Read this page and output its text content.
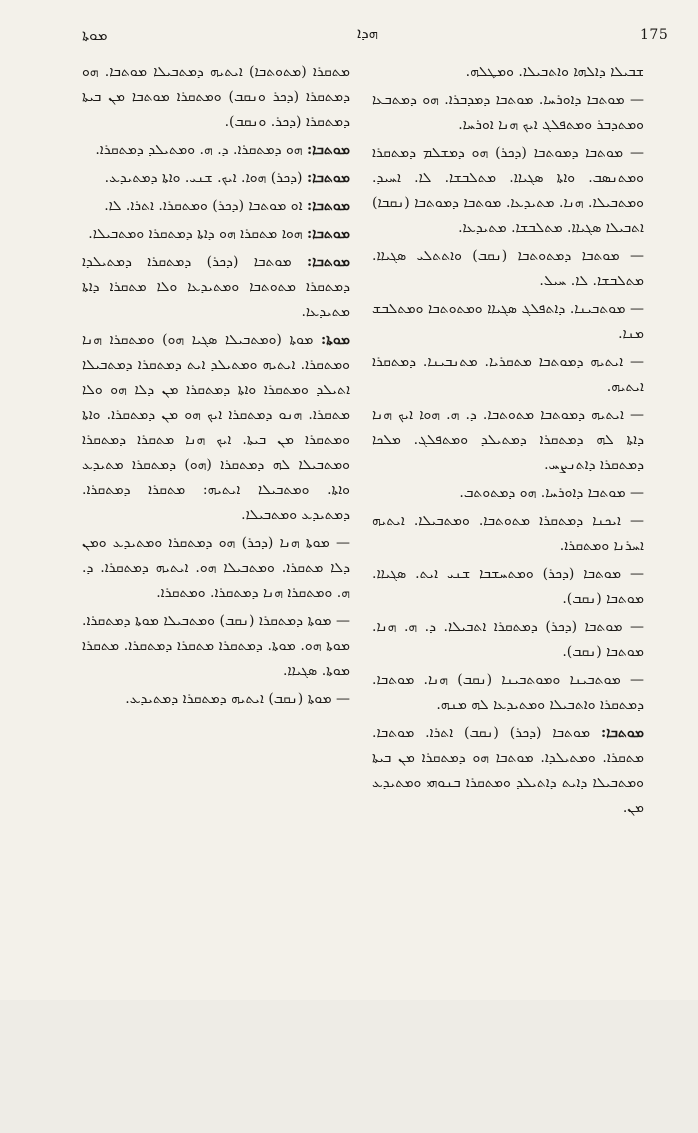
ܡܘܬܐ	ܗܕܐ	175

ܡܬܩܪܐ (ܡܬܘܬܒܐ) ܐܝܬܝܗ ܕܡܬܒܝܠܐ ܡܘܬܒܐ. ܗܘ ܕܡܬܩܪܐ (ܕܟܪ ܘܢܩܒ) ܘܡܬܩܪܐ ܡܘܬܒܐ ܡܢ ܒܝܬܐ ܕܡܬܩܪܐ (ܕܟܪ. ܘܢܩܒ).

ܡܘܬܒܐ: ܗܘ ܕܡܬܩܪܐ. ܕ. ܗ. ܘܡܬܝܠܕ ܕܡܬܩܪܐ.

ܡܘܬܒܐ: (ܕܟܪ) ܗܘܐ. ܐܝܟ. ܫܢܝ. ܘܐܬܐ ܕܡܬܝܕܥ.

ܡܘܬܒܐ: ܐܘ ܡܘܬܒܐ (ܕܟܪ) ܘܡܬܩܪܐ. ܐܬܪܐ. ܠܐ.

ܡܘܬܒܐ: ܗܘܐ ܡܬܩܪܐ ܗܘ ܕܐܬܐ ܕܡܬܩܪܐ ܘܡܬܒܝܠܐ.

ܡܘܬܒܐ: ܡܘܬܒܐ (ܕܟܪ) ܕܡܬܩܪܐ ܕܡܬܝܠܕܐ ܕܡܬܩܪܐ ܡܬܘܬܒܐ ܘܡܬܝܕܥܐ ܘܠܐ ܡܬܩܪܐ ܕܐܬܐ ܡܬܝܕܥܐ.

ܡܘܬܐ: ܡܘܬܐ (ܘܡܬܒܝܠܐ ܣܓܝܐ ܗܘ) ܘܡܬܩܪܐ ܗܢܐ ܘܡܬܩܪܐ. ܐܝܬܝܗ ܘܡܬܝܠܕ ܐܝܬ ܕܡܬܩܪܐ ܕܡܬܒܝܠܐ ܐܬܝܠܕ ܘܡܬܩܪܐ ܘܐܬܐ ܕܡܬܩܪܐ ܡܢ ܕܠܐ ܗܘ ܘܠܐ ܡܬܩܪܐ. ܗܢܘ ܕܡܬܩܪܐ ܐܝܟ ܗܘ ܡܢ ܕܡܬܩܪܐ. ܘܐܬܐ ܘܡܬܩܪܐ ܡܢ ܒܝܬܐ. ܐܝܟ ܗܢܐ ܡܬܩܪܐ ܕܡܬܩܪܐ ܘܡܬܒܝܠܐ ܠܗ ܕܡܬܩܪܐ (ܗܘ) ܕܡܬܩܪܐ ܡܬܝܕܥ ܘܐܬܐ. ܘܡܬܒܝܠܐ ܐܝܬܝܗ: ܡܬܩܪܐ ܕܡܬܩܪܐ. ܕܡܬܝܕܥ ܘܡܬܒܝܠܐ.

— ܡܘܬܐ ܗܢܐ (ܕܟܪ) ܗܘ ܕܡܬܩܪܐ ܘܡܬܝܕܥ ܘܡܢ ܕܠܐ ܡܬܩܪܐ. ܘܡܬܒܝܠܐ ܗܘ. ܐܝܬܝܗ ܕܡܬܩܪܐ. ܕ. ܗ. ܘܡܬܩܪܐ ܗܢܐ ܕܡܬܩܪܐ. ܘܡܬܩܪܐ.

— ܡܘܬܐ ܕܡܬܩܪܐ (ܢܩܒ) ܘܡܬܒܝܠܐ ܡܘܬܐ ܕܡܬܩܪܐ. ܡܘܬܐ ܗܘ. ܡܘܬܐ. ܕܡܬܩܪܐ ܡܬܩܪܐ ܕܡܬܩܪܐ. ܡܬܩܪܐ ܡܘܬܐ. ܣܓܝܐܐ.

— ܡܘܬܐ (ܢܩܒ) ܐܝܬܝܗ ܕܡܬܩܪܐ ܕܡܬܝܕܥ.

ܫܒܝܠܐ ܕܐܠܗܐ ܘܐܬܒܝܠܐ. ܘܡܛܠܗ.

— ܡܘܬܒܐ ܕܐܘܪܚܐ. ܡܘܬܒܐ ܕܡܕܒܪܐ. ܗܘ ܕܡܬܒܥܐ ܘܡܬܕܒܪ ܘܡܬܦܠܓ ܐܝܟ ܗܢܐ ܐܘܪܚܐ.

— ܡܘܬܒܐ ܕܡܘܬܒܐ (ܕܟܪ) ܗܘ ܕܡܫܠܡ ܕܡܬܩܪܐ ܘܡܬܢܣܒ. ܘܐܬܐ ܣܓܝܐܐ. ܡܬܠܒܫܐ. ܠܐ. ܐܚܝܕ. ܘܡܬܒܝܠܐ. ܗܢܐ. ܡܬܝܕܥܐ. ܡܘܬܒܐ ܕܡܘܬܒܐ (ܢܩܒܐ) ܐܬܒܝܠܐ ܣܓܝܐܐ. ܡܬܠܒܫܐ. ܡܬܝܕܥܐ.

— ܡܘܬܒܐ ܕܡܬܘܬܒܐ (ܢܩܒ) ܘܐܬܬܠܝ ܣܓܝܐܐ. ܡܬܠܒܫܐ. ܠܐ. ܚܝܠ.

— ܡܘܬܒܝܢܐ. ܕܐܬܦܠܓ ܣܓܝܐܐ ܘܡܬܘܬܒܐ ܘܡܬܠܒܫ ܡܢܐ.

— ܐܝܬܝܗ ܕܡܘܬܒܐ ܡܬܩܪܝܐ. ܡܬܢܒܝܢܐ. ܕܡܬܩܪܐ ܐܝܬܝܗ.

— ܐܝܬܝܗ ܕܡܘܬܒܐ ܡܬܘܬܒܐ. ܕ. ܗ. ܗܘܐ ܐܝܟ ܗܢܐ ܕܐܬܐ ܠܗ ܕܡܬܩܪܐ ܕܡܬܝܠܕ ܘܡܬܦܠܓ. ܡܠܟܐ ܕܡܬܩܪܐ ܕܐܬܢܨܚ.

— ܡܘܬܒܐ ܕܐܘܪܚܐ. ܗܘ ܕܡܬܘܬܒ.

— ܐܝܟܢܐ ܕܡܬܩܪܐ ܡܬܘܬܒܐ. ܘܡܬܒܝܠܐ. ܐܝܬܝܗ ܐܚܪܢܐ ܘܡܬܩܪܐ.

— ܡܘܬܒܐ (ܕܟܪ) ܘܡܬܚܫܒܐ ܫܢܝ ܐܝܬ. ܣܓܝܐܐ. ܡܘܬܒܐ (ܢܩܒ).

— ܡܘܬܒܐ (ܕܟܪ) ܕܡܬܩܪܐ ܐܬܒܝܠܐ. ܕ. ܗ. ܗܢܐ. ܡܘܬܒܐ (ܢܩܒ).

— ܡܘܬܒܝܢܐ ܘܡܘܬܒܝܢܐ (ܢܩܒ) ܗܢܐ. ܡܘܬܒܐ. ܕܡܬܩܪܐ ܘܐܬܒܝܠܐ ܘܡܬܝܕܥܐ ܠܗ ܡܢܗ.

ܡܘܬܒܐ: ܡܘܬܒܐ (ܕܟܪ) (ܢܩܒ) ܐܬܪܐ. ܡܘܬܒܐ. ܡܬܩܪܐ. ܘܡܬܝܠܕܐ. ܡܘܬܒܐ ܗܘ ܕܡܬܩܪܐ ܡܢ ܒܝܬܐ ܘܡܬܒܝܠܐ ܕܐܝܬ ܕܐܬܝܠܕ ܘܡܬܩܪܐ ܒܢܘܗܝ ܘܡܬܝܕܥ ܡܢ.
